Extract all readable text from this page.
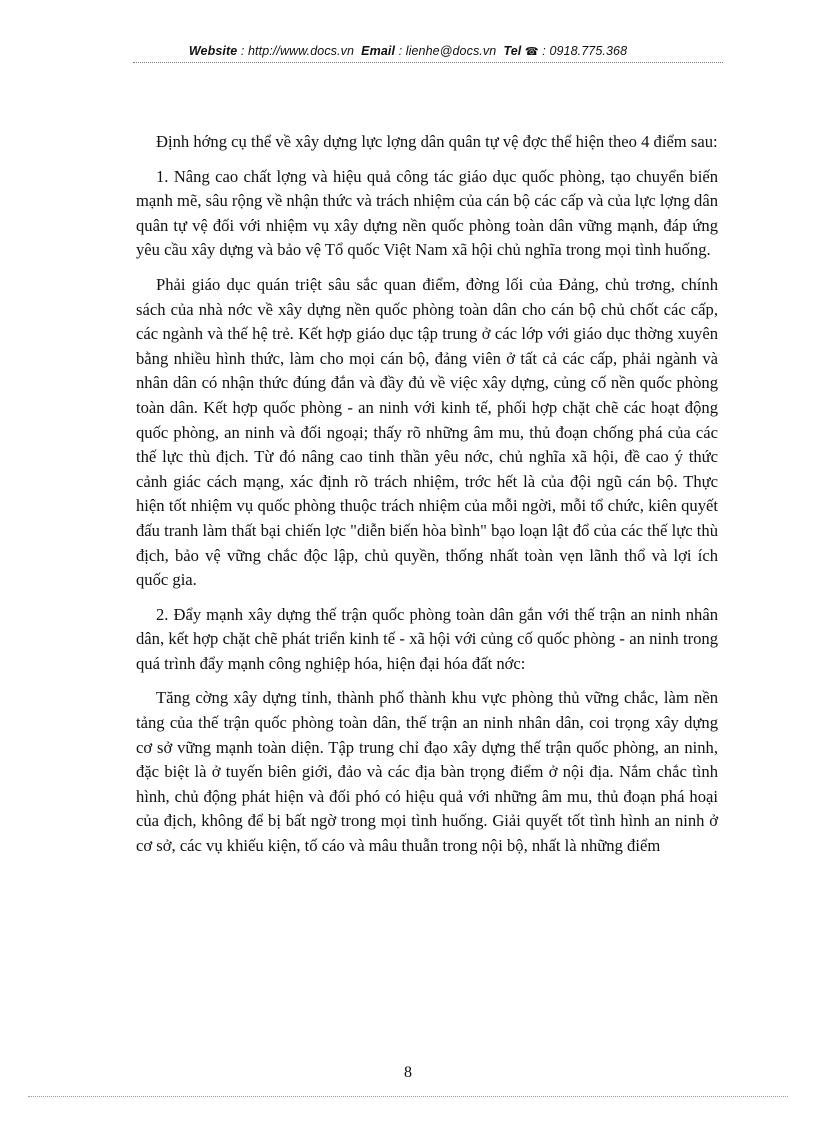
Website : http://www.docs.vn Email : lienhe@docs.vn Tel ☎ : 0918.775.368

Định hớng cụ thể về xây dựng lực lợng dân quân tự vệ đợc thể hiện theo 4 điểm sau:

1. Nâng cao chất lợng và hiệu quả công tác giáo dục quốc phòng, tạo chuyển biến mạnh mẽ, sâu rộng về nhận thức và trách nhiệm của cán bộ các cấp và của lực lợng dân quân tự vệ đối với nhiệm vụ xây dựng nền quốc phòng toàn dân vững mạnh, đáp ứng yêu cầu xây dựng và bảo vệ Tổ quốc Việt Nam xã hội chủ nghĩa trong mọi tình huống.

Phải giáo dục quán triệt sâu sắc quan điểm, đờng lối của Đảng, chủ trơng, chính sách của nhà nớc về xây dựng nền quốc phòng toàn dân cho cán bộ chủ chốt các cấp, các ngành và thế hệ trẻ. Kết hợp giáo dục tập trung ở các lớp với giáo dục thờng xuyên bằng nhiều hình thức, làm cho mọi cán bộ, đảng viên ở tất cả các cấp, phải ngành và nhân dân có nhận thức đúng đắn và đầy đủ về việc xây dựng, củng cố nền quốc phòng toàn dân. Kết hợp quốc phòng - an ninh với kinh tế, phối hợp chặt chẽ các hoạt động quốc phòng, an ninh và đối ngoại; thấy rõ những âm mu, thủ đoạn chống phá của các thế lực thù địch. Từ đó nâng cao tinh thần yêu nớc, chủ nghĩa xã hội, đề cao ý thức cảnh giác cách mạng, xác định rõ trách nhiệm, trớc hết là của đội ngũ cán bộ. Thực hiện tốt nhiệm vụ quốc phòng thuộc trách nhiệm của mỗi ngời, mỗi tổ chức, kiên quyết đấu tranh làm thất bại chiến lợc "diễn biến hòa bình" bạo loạn lật đổ của các thế lực thù địch, bảo vệ vững chắc độc lập, chủ quyền, thống nhất toàn vẹn lãnh thổ và lợi ích quốc gia.

2. Đẩy mạnh xây dựng thế trận quốc phòng toàn dân gắn với thế trận an ninh nhân dân, kết hợp chặt chẽ phát triển kinh tế - xã hội với củng cố quốc phòng - an ninh trong quá trình đẩy mạnh công nghiệp hóa, hiện đại hóa đất nớc:

Tăng cờng xây dựng tỉnh, thành phố thành khu vực phòng thủ vững chắc, làm nền tảng của thế trận quốc phòng toàn dân, thế trận an ninh nhân dân, coi trọng xây dựng cơ sở vững mạnh toàn diện. Tập trung chỉ đạo xây dựng thế trận quốc phòng, an ninh, đặc biệt là ở tuyến biên giới, đảo và các địa bàn trọng điểm ở nội địa. Nắm chắc tình hình, chủ động phát hiện và đối phó có hiệu quả với những âm mu, thủ đoạn phá hoại của địch, không để bị bất ngờ trong mọi tình huống. Giải quyết tốt tình hình an ninh ở cơ sở, các vụ khiếu kiện, tố cáo và mâu thuẫn trong nội bộ, nhất là những điểm

8
